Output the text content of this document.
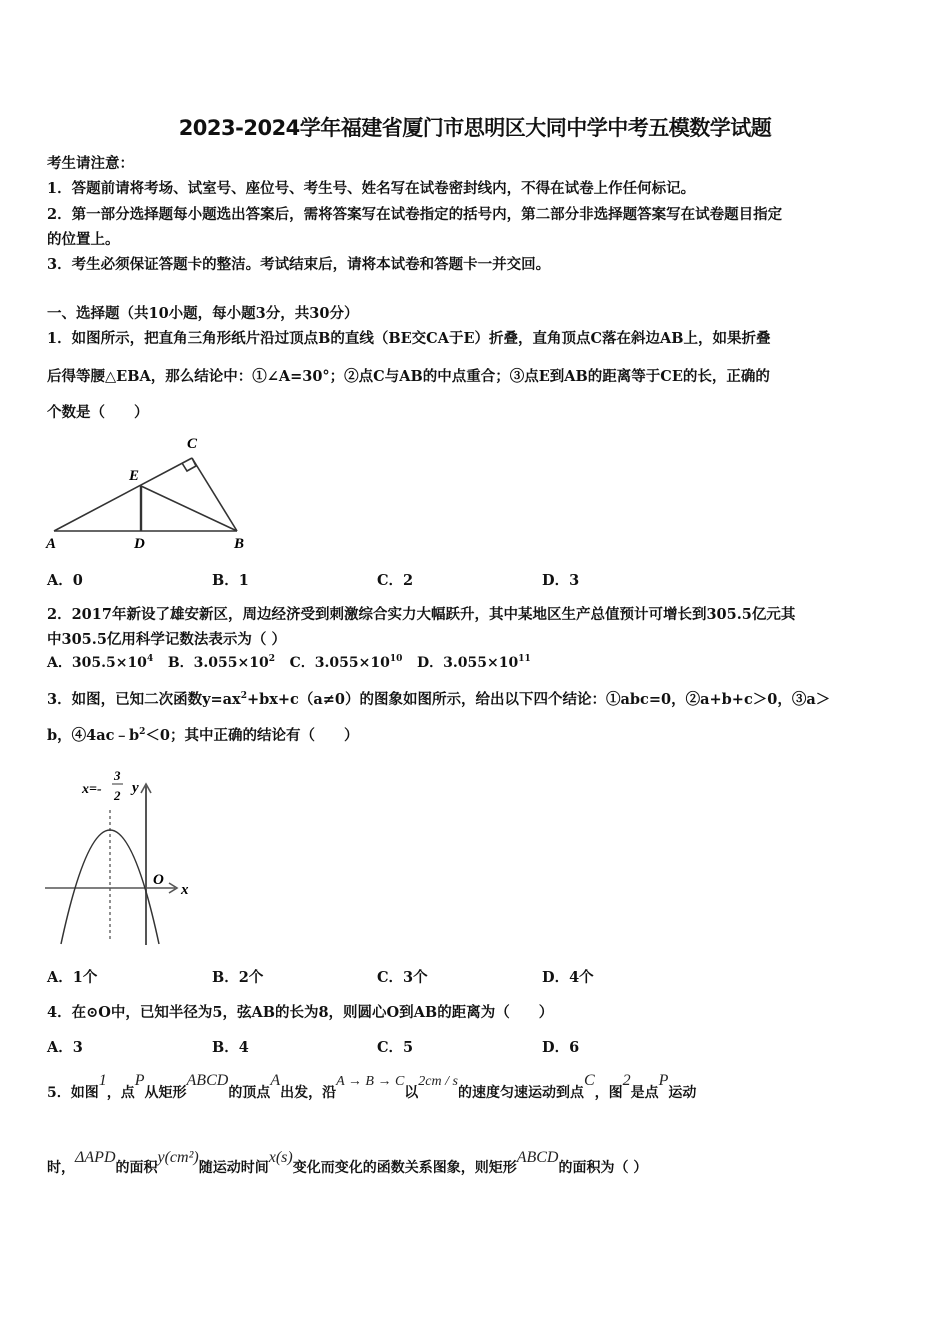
2023-2024学年福建省厦门市思明区大同中学中考五模数学试题
考生请注意：
1．答题前请将考场、试室号、座位号、考生号、姓名写在试卷密封线内，不得在试卷上作任何标记。
2．第一部分选择题每小题选出答案后，需将答案写在试卷指定的括号内，第二部分非选择题答案写在试卷题目指定
的位置上。
3．考生必须保证答题卡的整洁。考试结束后，请将本试卷和答题卡一并交回。
一、选择题（共10小题，每小题3分，共30分）
1．如图所示，把直角三角形纸片沿过顶点B的直线（BE交CA于E）折叠，直角顶点C落在斜边AB上，如果折叠
后得等腰△EBA，那么结论中：①∠A=30°；②点C与AB的中点重合；③点E到AB的距离等于CE的长，正确的
个数是（　　）
A	D	B
C
E
A．0	B．1	C．2	D．3
2．2017年新设了雄安新区，周边经济受到刺激综合实力大幅跃升，其中某地区生产总值预计可增长到305.5亿元其
中305.5亿用科学记数法表示为（ ）
A．$305.5\times 10^4$ B．$3.055\times 10^2$ C．$3.055\times 10^{10}$ D．$3.055\times 10^{11}$
3．如图，已知二次函数$y=ax^2+bx+c(a\ne 0)$的图象如图所示，给出以下四个结论：①abc=0，②a+b+c＞0，③a＞
b，$④4ac﹣b^2<0$；其中正确的结论有（　　）
x=-
3
2 y
x
O
A．1个	B．2个	C．3个	D．4个
4．在⊙O中，已知半径为5，弦AB的长为8，则圆心O到AB的距离为（　　）
A．3	B．4	C．5	D．6
5．如图1，点P从矩形ABCD的顶点A出发，沿A → B → C以2cm / s的速度匀速运动到点C，图2是点P运动
时，ΔAPD的面积y(cm²)随运动时间x(s)变化而变化的函数关系图象，则矩形ABCD的面积为（ ）
